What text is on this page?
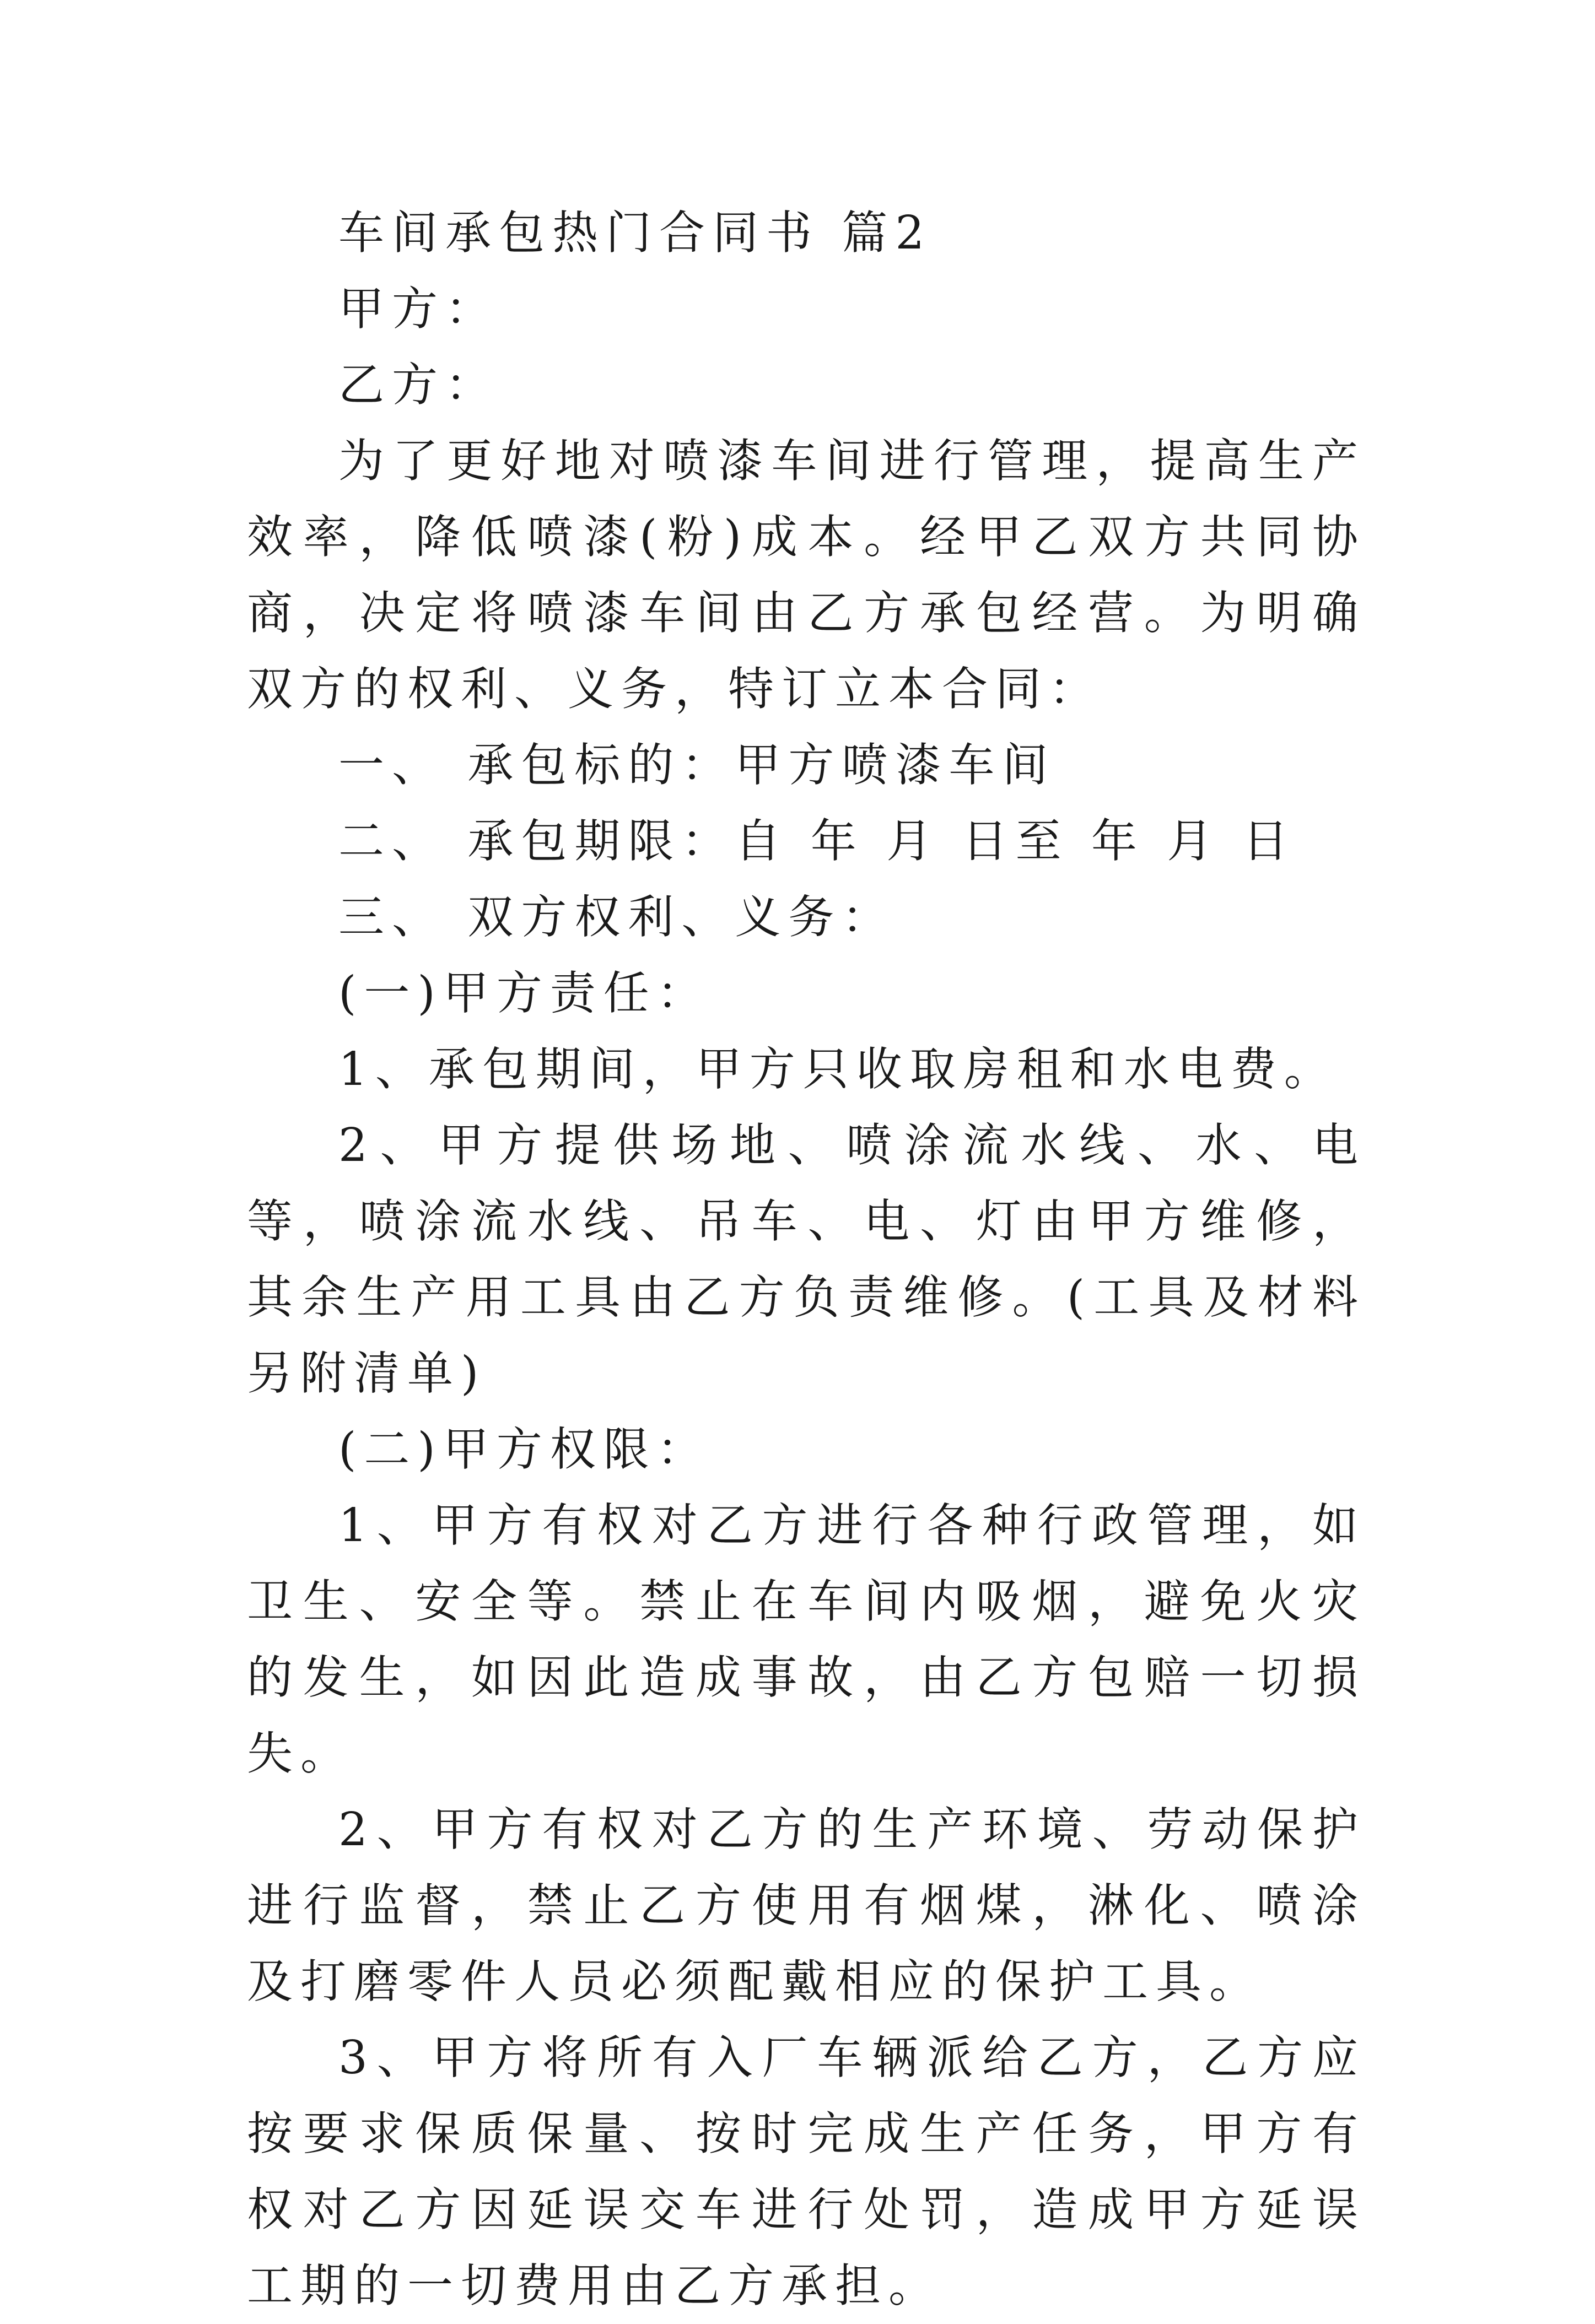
车间承包热门合同书 篇2

甲方：

乙方：

为了更好地对喷漆车间进行管理，提高生产效率，降低喷漆(粉)成本。经甲乙双方共同协商，决定将喷漆车间由乙方承包经营。为明确双方的权利、义务，特订立本合同：

一、 承包标的：甲方喷漆车间

二、 承包期限：自 年 月 日至 年 月 日

三、 双方权利、义务：

(一)甲方责任：

1、承包期间，甲方只收取房租和水电费。

2、甲方提供场地、喷涂流水线、水、电等，喷涂流水线、吊车、电、灯由甲方维修，其余生产用工具由乙方负责维修。(工具及材料另附清单)

(二)甲方权限：

1、甲方有权对乙方进行各种行政管理，如卫生、安全等。禁止在车间内吸烟，避免火灾的发生，如因此造成事故，由乙方包赔一切损失。

2、甲方有权对乙方的生产环境、劳动保护进行监督，禁止乙方使用有烟煤，淋化、喷涂及打磨零件人员必须配戴相应的保护工具。

3、甲方将所有入厂车辆派给乙方，乙方应按要求保质保量、按时完成生产任务，甲方有权对乙方因延误交车进行处罚，造成甲方延误工期的一切费用由乙方承担。
